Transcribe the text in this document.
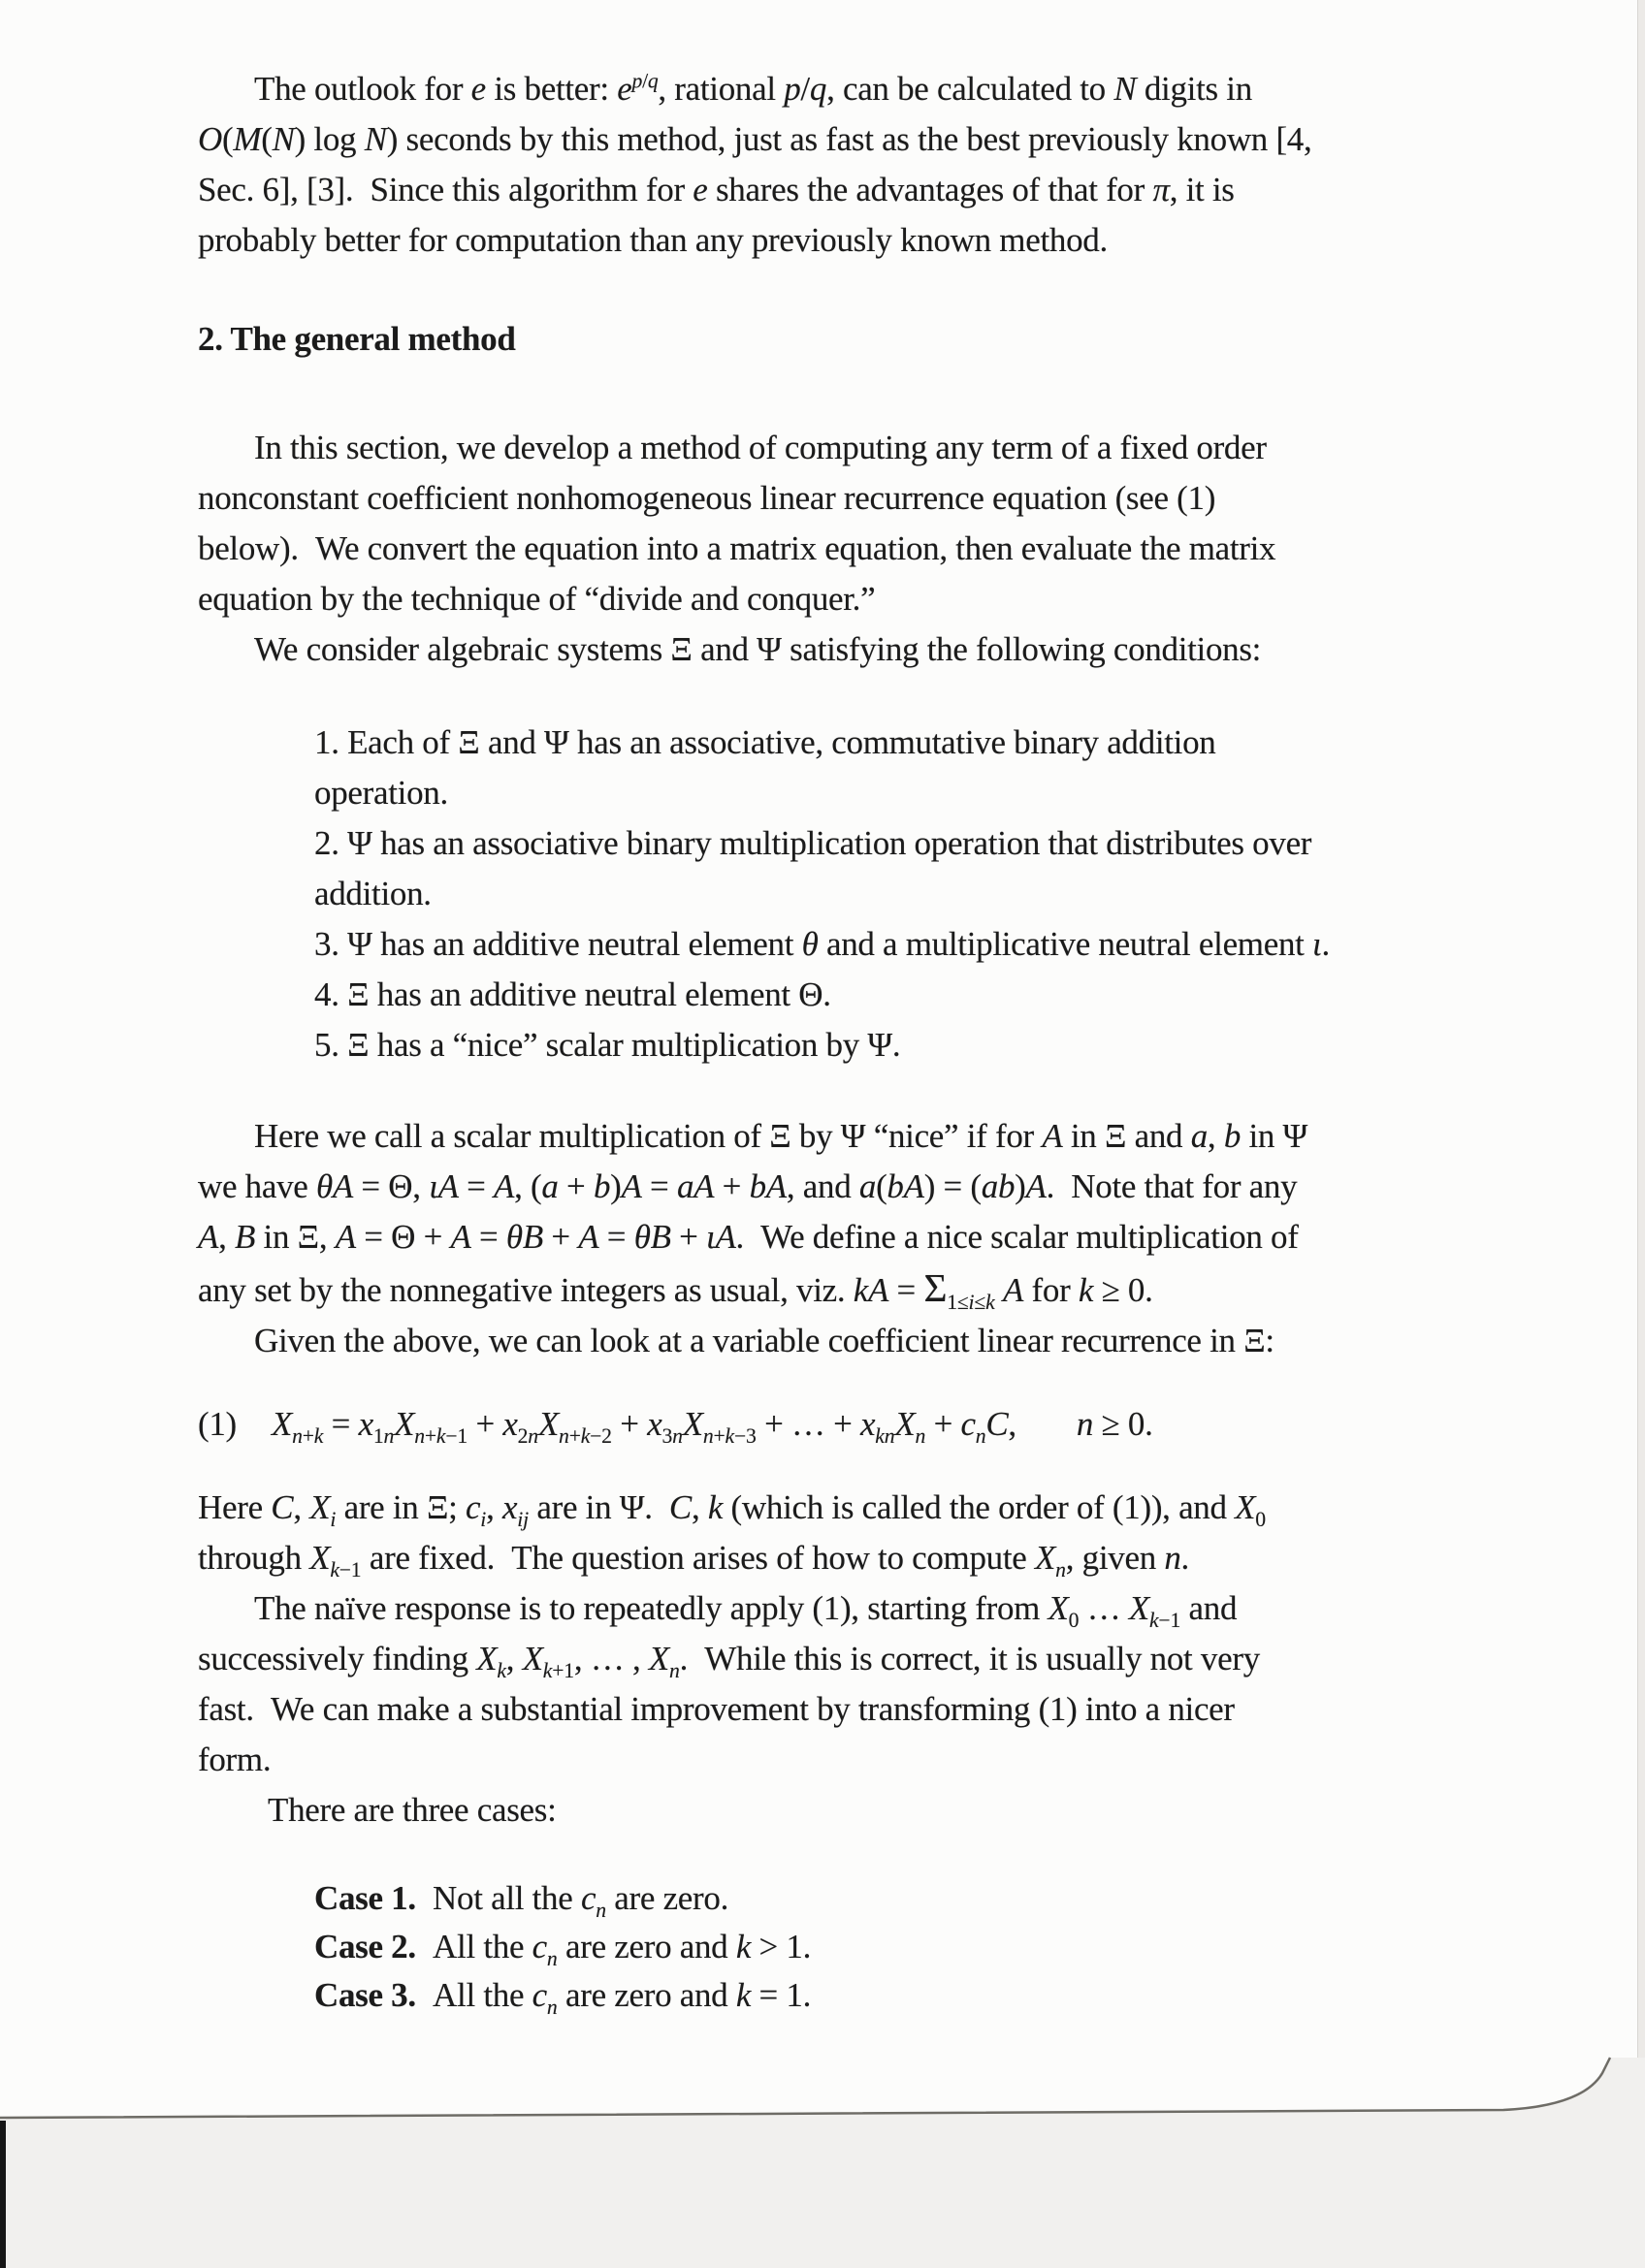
The outlook for e is better: $e^{p/q}$, rational p/q, can be calculated to N digits in
O(M(N) log N) seconds by this method, just as fast as the best previously known [4,
Sec. 6], [3]. Since this algorithm for e shares the advantages of that for π, it is
probably better for computation than any previously known method.
2. The general method
In this section, we develop a method of computing any term of a fixed order
nonconstant coefficient nonhomogeneous linear recurrence equation (see (1)
below). We convert the equation into a matrix equation, then evaluate the matrix
equation by the technique of “divide and conquer.”
We consider algebraic systems Ξ and Ψ satisfying the following conditions:
1. Each of Ξ and Ψ has an associative, commutative binary addition
operation.
2. Ψ has an associative binary multiplication operation that distributes over
addition.
3. Ψ has an additive neutral element θ and a multiplicative neutral element ι.
4. Ξ has an additive neutral element Θ.
5. Ξ has a “nice” scalar multiplication by Ψ.
Here we call a scalar multiplication of Ξ by Ψ “nice” if for A in Ξ and a, b in Ψ
we have θA = Θ, ιA = A, (a + b)A = aA + bA, and a(bA) = (ab)A. Note that for any
A, B in Ξ, A = Θ + A = θB + A = θB + ιA. We define a nice scalar multiplication of
any set by the nonnegative integers as usual, viz. kA = $\Sigma_{1\le i\le k}$ A for k ≥ 0.
Given the above, we can look at a variable coefficient linear recurrence in Ξ:
(1)	$X_{n+k} = x_{1n}X_{n+k-1} + x_{2n}X_{n+k-2} + x_{3n}X_{n+k-3}$ + … + $x_{kn}X_n + c_nC$, n ≥ 0.
Here C, $X_i$ are in Ξ; $c_i$, $x_{ij}$ are in Ψ. C, k (which is called the order of (1)), and $X_0$
through $X_{k-1}$ are fixed. The question arises of how to compute $X_n$, given n.
The naïve response is to repeatedly apply (1), starting from $X_0$ … $X_{k-1}$ and
successively finding $X_k$, $X_{k+1}$, … , $X_n$. While this is correct, it is usually not very
fast. We can make a substantial improvement by transforming (1) into a nicer
form.
There are three cases:
Case 1. Not all the $c_n$ are zero.
Case 2. All the $c_n$ are zero and k > 1.
Case 3. All the $c_n$ are zero and k = 1.
